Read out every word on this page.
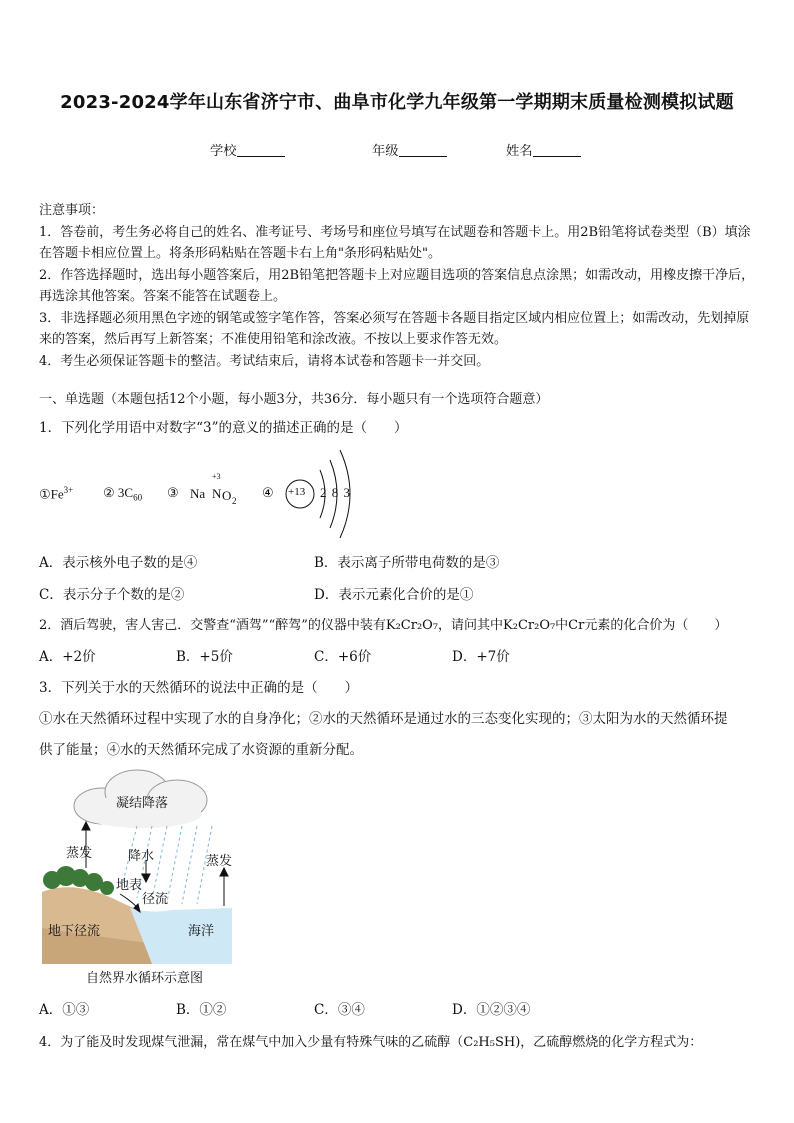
2023-2024学年山东省济宁市、曲阜市化学九年级第一学期期末质量检测模拟试题
学校	年级	姓名
注意事项：
1．答卷前，考生务必将自己的姓名、准考证号、考场号和座位号填写在试题卷和答题卡上。用2B铅笔将试卷类型（B）填涂在答题卡相应位置上。将条形码粘贴在答题卡右上角"条形码粘贴处"。
2．作答选择题时，选出每小题答案后，用2B铅笔把答题卡上对应题目选项的答案信息点涂黑；如需改动，用橡皮擦干净后，再选涂其他答案。答案不能答在试题卷上。
3．非选择题必须用黑色字迹的钢笔或签字笔作答，答案必须写在答题卡各题目指定区域内相应位置上；如需改动，先划掉原来的答案，然后再写上新答案；不准使用铅笔和涂改液。不按以上要求作答无效。
4．考生必须保证答题卡的整洁。考试结束后，请将本试卷和答题卡一并交回。
一、单选题（本题包括12个小题，每小题3分，共36分．每小题只有一个选项符合题意）
1．下列化学用语中对数字“3”的意义的描述正确的是（　　）
$①Fe^{3+}$ ② $3C_{60}$ ③ Na N
+3
O 2
④ +13 2 8 3
A．表示核外电子数的是④	B．表示离子所带电荷数的是③
C．表示分子个数的是②	D．表示元素化合价的是①
2．酒后驾驶，害人害己．交警查“酒驾”“醉驾”的仪器中装有K₂Cr₂O₇，请问其中K₂Cr₂O₇中Cr元素的化合价为（　　）
A．+2价	B．+5价	C．+6价	D．+7价
3．下列关于水的天然循环的说法中正确的是（　　）
①水在天然循环过程中实现了水的自身净化；②水的天然循环是通过水的三态变化实现的；③太阳为水的天然循环提
供了能量；④水的天然循环完成了水资源的重新分配。
凝结降落
蒸发	降水	蒸发
地表
径流
地下径流	海洋
自然界水循环示意图
A．①③	B．①②	C．③④	D．①②③④
4．为了能及时发现煤气泄漏，常在煤气中加入少量有特殊气味的乙硫醇（C₂H₅SH)，乙硫醇燃烧的化学方程式为：
